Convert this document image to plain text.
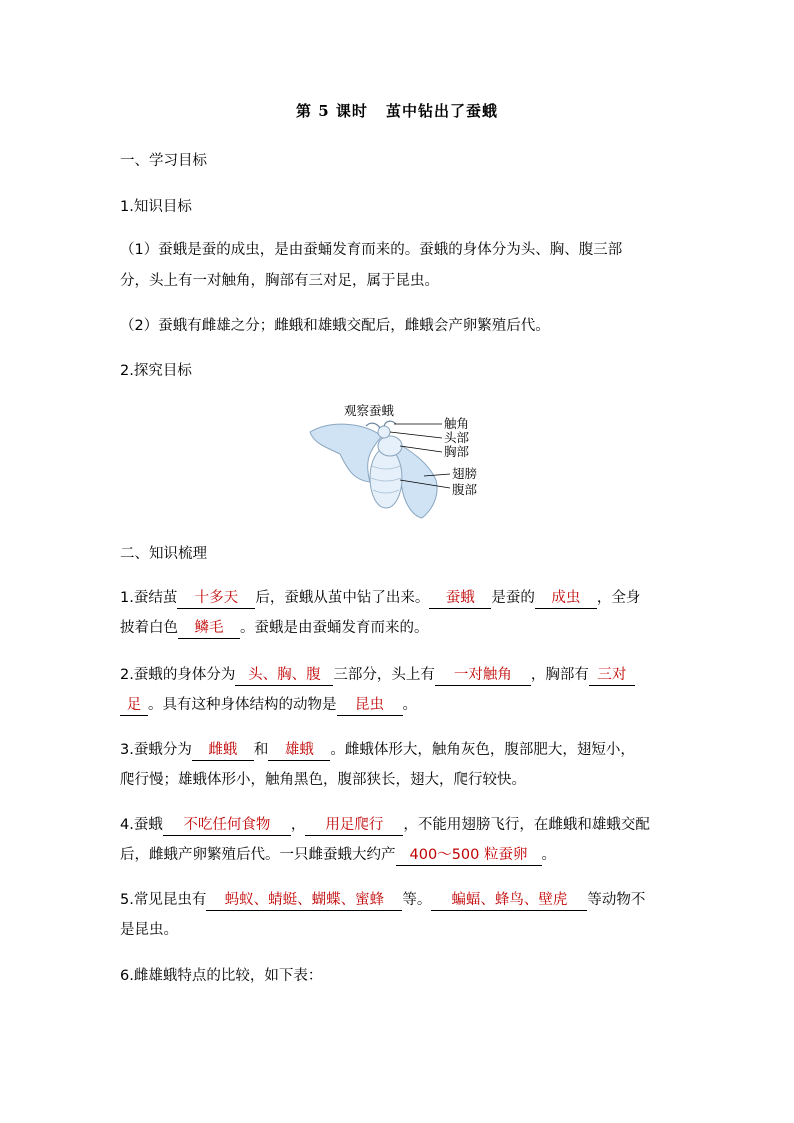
第 5 课时 茧中钻出了蚕蛾
一、学习目标
1.知识目标
（1）蚕蛾是蚕的成虫，是由蚕蛹发育而来的。蚕蛾的身体分为头、胸、腹三部
分，头上有一对触角，胸部有三对足，属于昆虫。
（2）蚕蛾有雌雄之分；雌蛾和雄蛾交配后，雌蛾会产卵繁殖后代。
2.探究目标
观察蚕蛾
触角
头部
胸部
翅膀
腹部
二、知识梳理
1.蚕结茧 十多天 后，蚕蛾从茧中钻了出来。 蚕蛾 是蚕的 成虫 ，全身
披着白色 鳞毛 。蚕蛾是由蚕蛹发育而来的。
2.蚕蛾的身体分为 头、胸、腹 三部分，头上有 一对触角 ，胸部有 三对
足 。具有这种身体结构的动物是 昆虫 。
3.蚕蛾分为 雌蛾 和 雄蛾 。雌蛾体形大，触角灰色，腹部肥大，翅短小，
爬行慢；雄蛾体形小，触角黑色，腹部狭长，翅大，爬行较快。
4.蚕蛾 不吃任何食物 ， 用足爬行 ，不能用翅膀飞行，在雌蛾和雄蛾交配
后，雌蛾产卵繁殖后代。一只雌蚕蛾大约产 400～500 粒蚕卵 。
5.常见昆虫有 蚂蚁、蜻蜓、蝴蝶、蜜蜂 等。 蝙蝠、蜂鸟、壁虎 等动物不
是昆虫。
6.雌雄蛾特点的比较，如下表：
